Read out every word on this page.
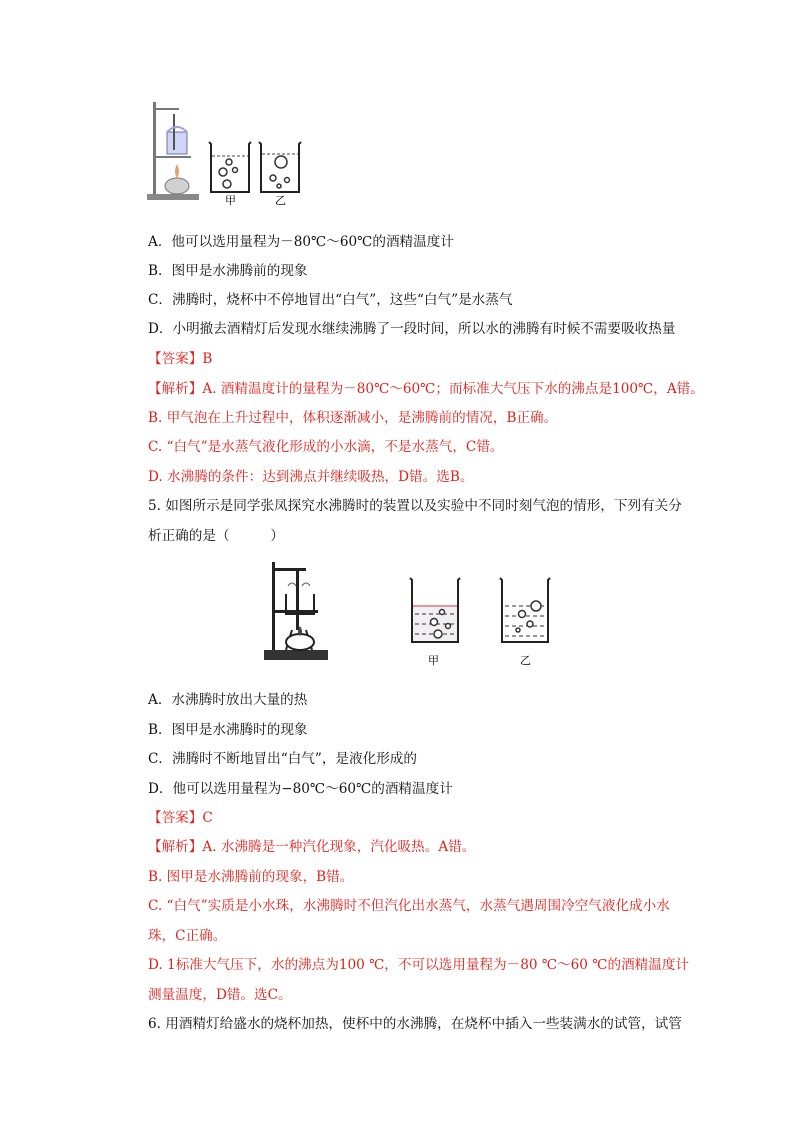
甲	乙
A．他可以选用量程为－80℃～60℃的酒精温度计
B．图甲是水沸腾前的现象
C．沸腾时，烧杯中不停地冒出“白气”，这些“白气”是水蒸气
D．小明撤去酒精灯后发现水继续沸腾了一段时间，所以水的沸腾有时候不需要吸收热量
【答案】B
【解析】A. 酒精温度计的量程为－80℃～60℃；而标准大气压下水的沸点是100℃，A错。
B. 甲气泡在上升过程中，体积逐渐减小，是沸腾前的情况，B正确。
C. “白气”是水蒸气液化形成的小水滴，不是水蒸气，C错。
D. 水沸腾的条件：达到沸点并继续吸热，D错。选B。
5. 如图所示是同学张凤探究水沸腾时的装置以及实验中不同时刻气泡的情形，下列有关分
析正确的是（　　　）
甲	乙
A．水沸腾时放出大量的热
B．图甲是水沸腾时的现象
C．沸腾时不断地冒出“白气”，是液化形成的
D．他可以选用量程为−80℃～60℃的酒精温度计
【答案】C
【解析】A. 水沸腾是一种汽化现象，汽化吸热。A错。
B. 图甲是水沸腾前的现象，B错。
C. “白气”实质是小水珠，水沸腾时不但汽化出水蒸气，水蒸气遇周围冷空气液化成小水
珠，C正确。
D. 1标准大气压下，水的沸点为100 ℃，不可以选用量程为－80 ℃～60 ℃的酒精温度计
测量温度，D错。选C。
6. 用酒精灯给盛水的烧杯加热，使杯中的水沸腾，在烧杯中插入一些装满水的试管，试管
